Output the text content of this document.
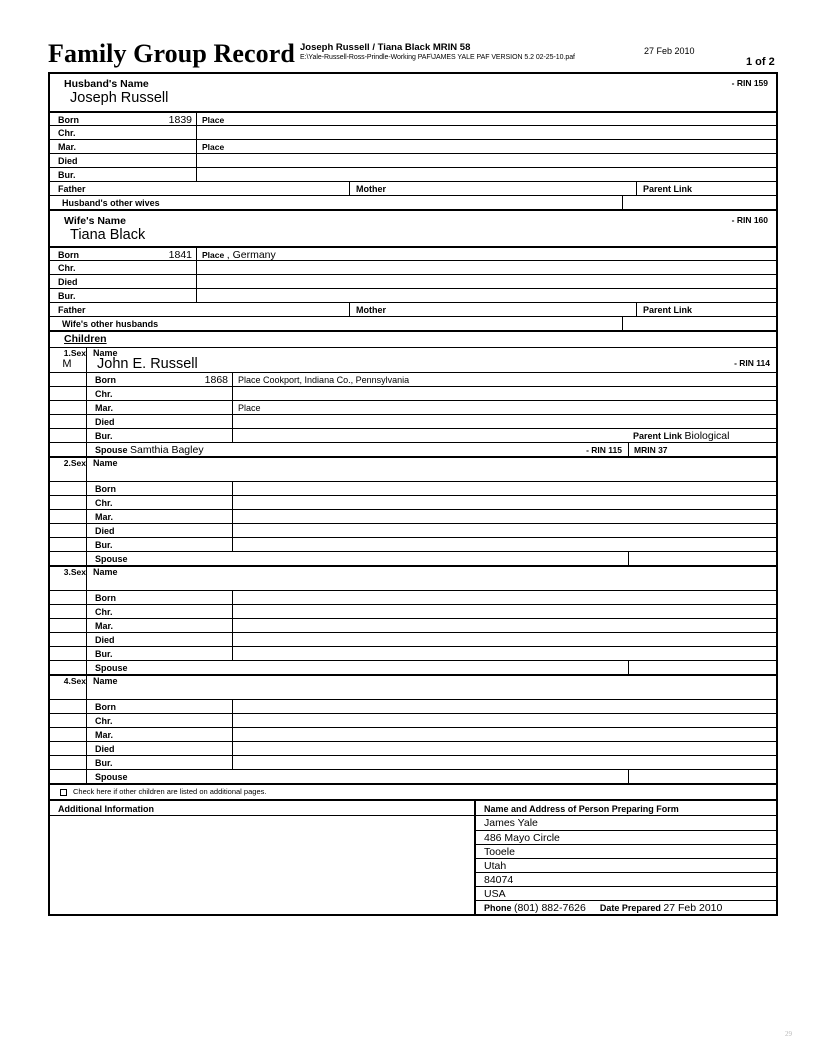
Family Group Record Joseph Russell / Tiana Black MRIN 58
E:\Yale-Russell-Ross-Prindle-Working PAF\JAMES YALE PAF VERSION 5.2 02-25-10.paf
27 Feb 2010
1 of 2
Husband's Name
Joseph Russell
- RIN 159
Born	1839	Place
Chr.
Mar.	Place
Died
Bur.
Father	Mother	Parent Link
Husband's other wives
Wife's Name
Tiana Black
- RIN 160
Born	1841	Place , Germany
Chr.
Died
Bur.
Father	Mother	Parent Link
Wife's other husbands
Children
1.Sex
M
Name
John E. Russell	- RIN 114
Born	1868	Place Cookport, Indiana Co., Pennsylvania
Chr.
Mar.	Place
Died
Bur.	Parent Link Biological
Spouse Samthia Bagley	- RIN 115	MRIN 37
2.Sex Name
Born
Chr.
Mar.
Died
Bur.
Spouse
3.Sex Name
Born
Chr.
Mar.
Died
Bur.
Spouse
4.Sex Name
Born
Chr.
Mar.
Died
Bur.
Spouse
Check here if other children are listed on additional pages.
Additional Information	Name and Address of Person Preparing Form
James Yale
486 Mayo Circle
Tooele
Utah
84074
USA
Phone (801) 882-7626 Date Prepared 27 Feb 2010
29
